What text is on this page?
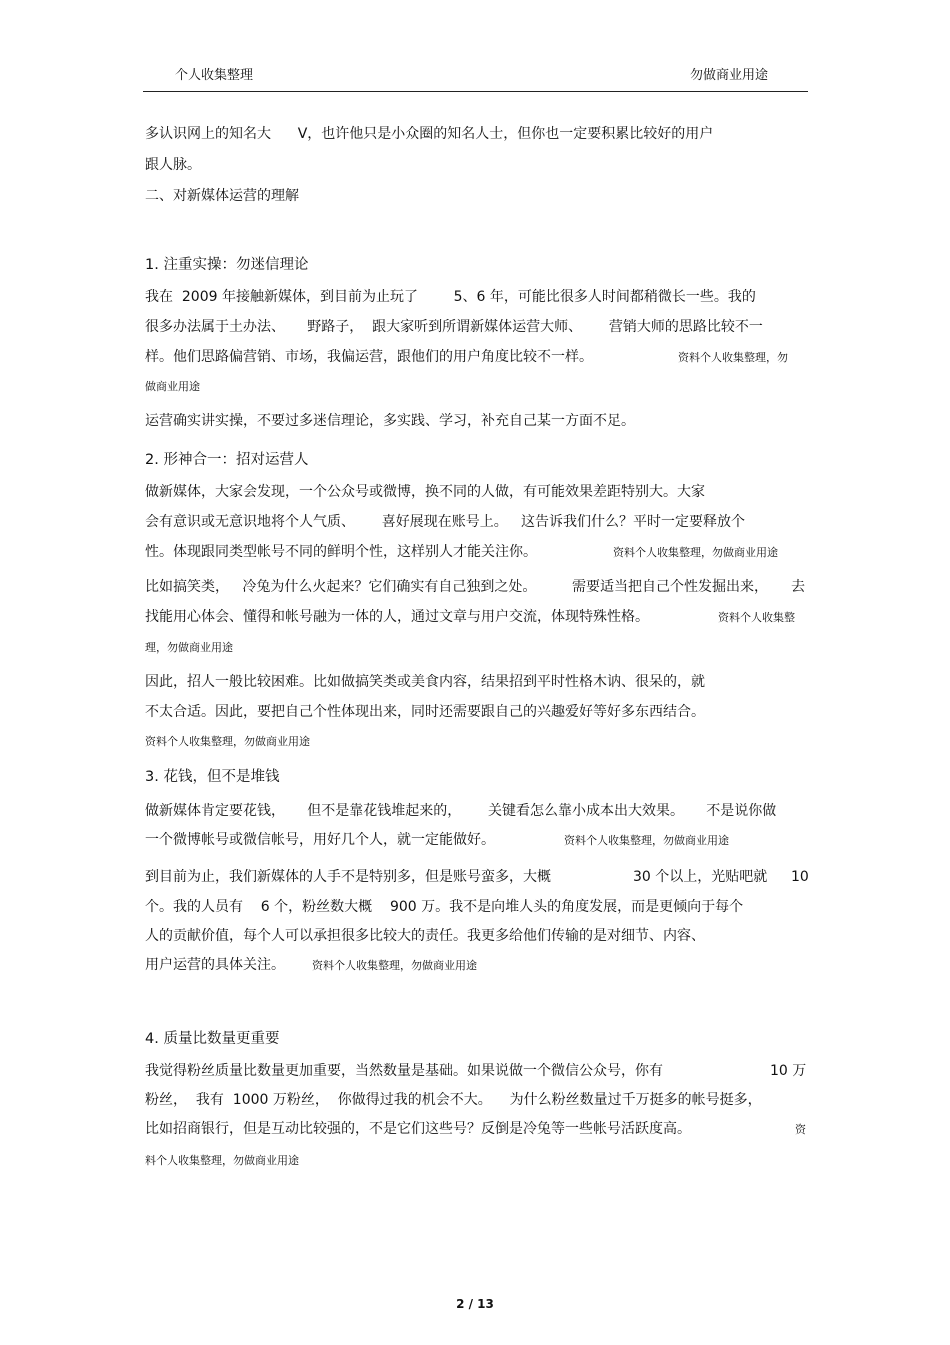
个人收集整理	勿做商业用途
多认识网上的知名大      V，也许他只是小众圈的知名人士，但你也一定要积累比较好的用户
跟人脉。
二、对新媒体运营的理解
1. 注重实操：勿迷信理论
我在  2009 年接触新媒体，到目前为止玩了        5、6 年，可能比很多人时间都稍微长一些。我的
很多办法属于土办法、     野路子，  跟大家听到所谓新媒体运营大师、      营销大师的思路比较不一
样。他们思路偏营销、市场，我偏运营，跟他们的用户角度比较不一样。	资料个人收集整理，勿
做商业用途
运营确实讲实操，不要过多迷信理论，多实践、学习，补充自己某一方面不足。
2. 形神合一：招对运营人
做新媒体，大家会发现，一个公众号或微博，换不同的人做，有可能效果差距特别大。大家
会有意识或无意识地将个人气质、      喜好展现在账号上。   这告诉我们什么？平时一定要释放个
性。体现跟同类型帐号不同的鲜明个性，这样别人才能关注你。	资料个人收集整理，勿做商业用途
比如搞笑类，   冷兔为什么火起来？它们确实有自己独到之处。        需要适当把自己个性发掘出来， 去
找能用心体会、懂得和帐号融为一体的人，通过文章与用户交流，体现特殊性格。	资料个人收集整
理，勿做商业用途
因此，招人一般比较困难。比如做搞笑类或美食内容，结果招到平时性格木讷、很呆的，就
不太合适。因此，要把自己个性体现出来，同时还需要跟自己的兴趣爱好等好多东西结合。
资料个人收集整理，勿做商业用途
3. 花钱，但不是堆钱
做新媒体肯定要花钱，     但不是靠花钱堆起来的，      关键看怎么靠小成本出大效果。     不是说你做
一个微博帐号或微信帐号，用好几个人，就一定能做好。	资料个人收集整理，勿做商业用途
到目前为止，我们新媒体的人手不是特别多，但是账号蛮多，大概	30 个以上，光贴吧就 10
个。我的人员有    6 个，粉丝数大概    900 万。我不是向堆人头的角度发展，而是更倾向于每个
人的贡献价值，每个人可以承担很多比较大的责任。我更多给他们传输的是对细节、内容、
用户运营的具体关注。 资料个人收集整理，勿做商业用途
4. 质量比数量更重要
我觉得粉丝质量比数量更加重要，当然数量是基础。如果说做一个微信公众号，你有	10 万
粉丝，  我有  1000 万粉丝，  你做得过我的机会不大。    为什么粉丝数量过千万挺多的帐号挺多，
比如招商银行，但是互动比较强的，不是它们这些号？反倒是冷兔等一些帐号活跃度高。	资
料个人收集整理，勿做商业用途
2 / 13
